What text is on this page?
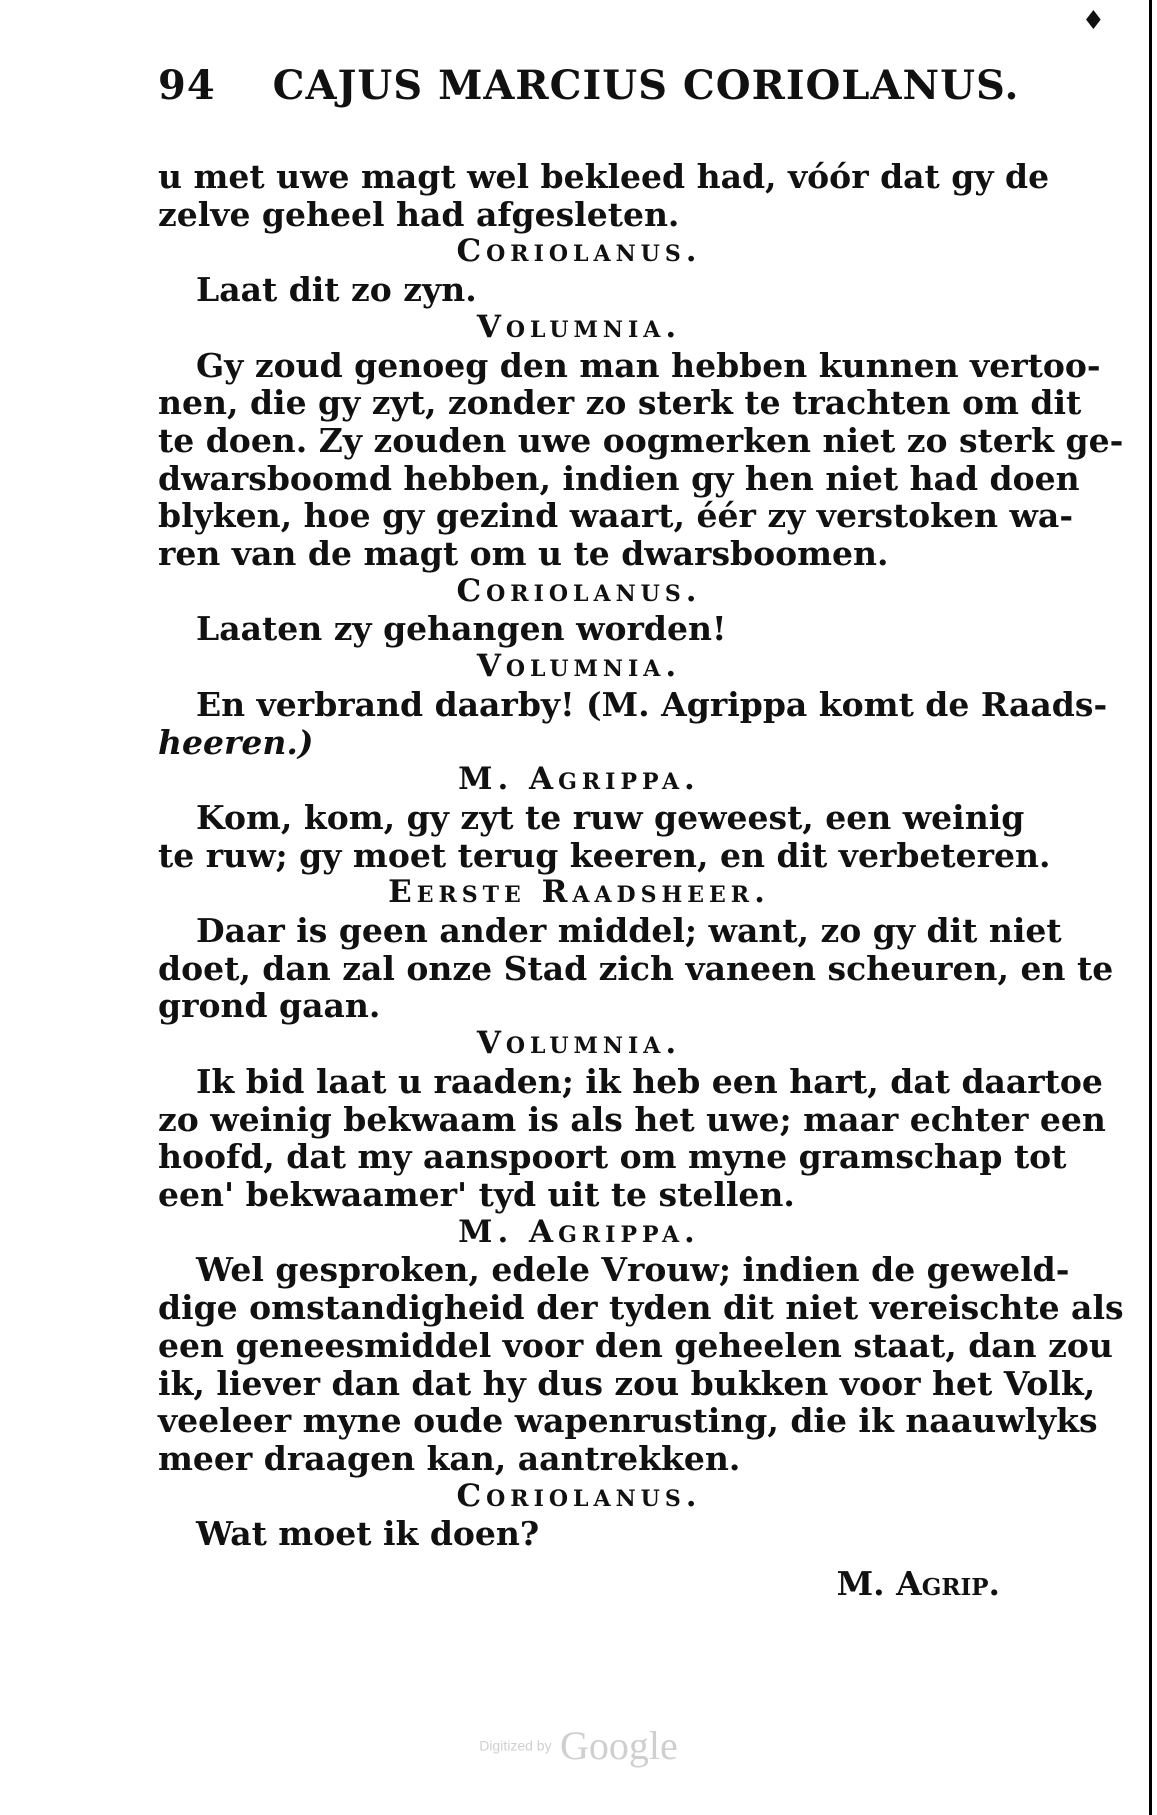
♦
94 CAJUS MARCIUS CORIOLANUS.
u met uwe magt wel bekleed had, vóór dat gy de
zelve geheel had afgesleten.
Coriolanus.
Laat dit zo zyn.
Volumnia.
Gy zoud genoeg den man hebben kunnen vertoo-
nen, die gy zyt, zonder zo sterk te trachten om dit
te doen. Zy zouden uwe oogmerken niet zo sterk ge-
dwarsboomd hebben, indien gy hen niet had doen
blyken, hoe gy gezind waart, éér zy verstoken wa-
ren van de magt om u te dwarsboomen.
Coriolanus.
Laaten zy gehangen worden!
Volumnia.
En verbrand daarby! (M. Agrippa komt de Raads-
heeren.)
M. Agrippa.
Kom, kom, gy zyt te ruw geweest, een weinig
te ruw; gy moet terug keeren, en dit verbeteren.
Eerste Raadsheer.
Daar is geen ander middel; want, zo gy dit niet
doet, dan zal onze Stad zich vaneen scheuren, en te
grond gaan.
Volumnia.
Ik bid laat u raaden; ik heb een hart, dat daartoe
zo weinig bekwaam is als het uwe; maar echter een
hoofd, dat my aanspoort om myne gramschap tot
een' bekwaamer' tyd uit te stellen.
M. Agrippa.
Wel gesproken, edele Vrouw; indien de geweld-
dige omstandigheid der tyden dit niet vereischte als
een geneesmiddel voor den geheelen staat, dan zou
ik, liever dan dat hy dus zou bukken voor het Volk,
veeleer myne oude wapenrusting, die ik naauwlyks
meer draagen kan, aantrekken.
Coriolanus.
Wat moet ik doen?
M. Agrip.
Digitized by Google
